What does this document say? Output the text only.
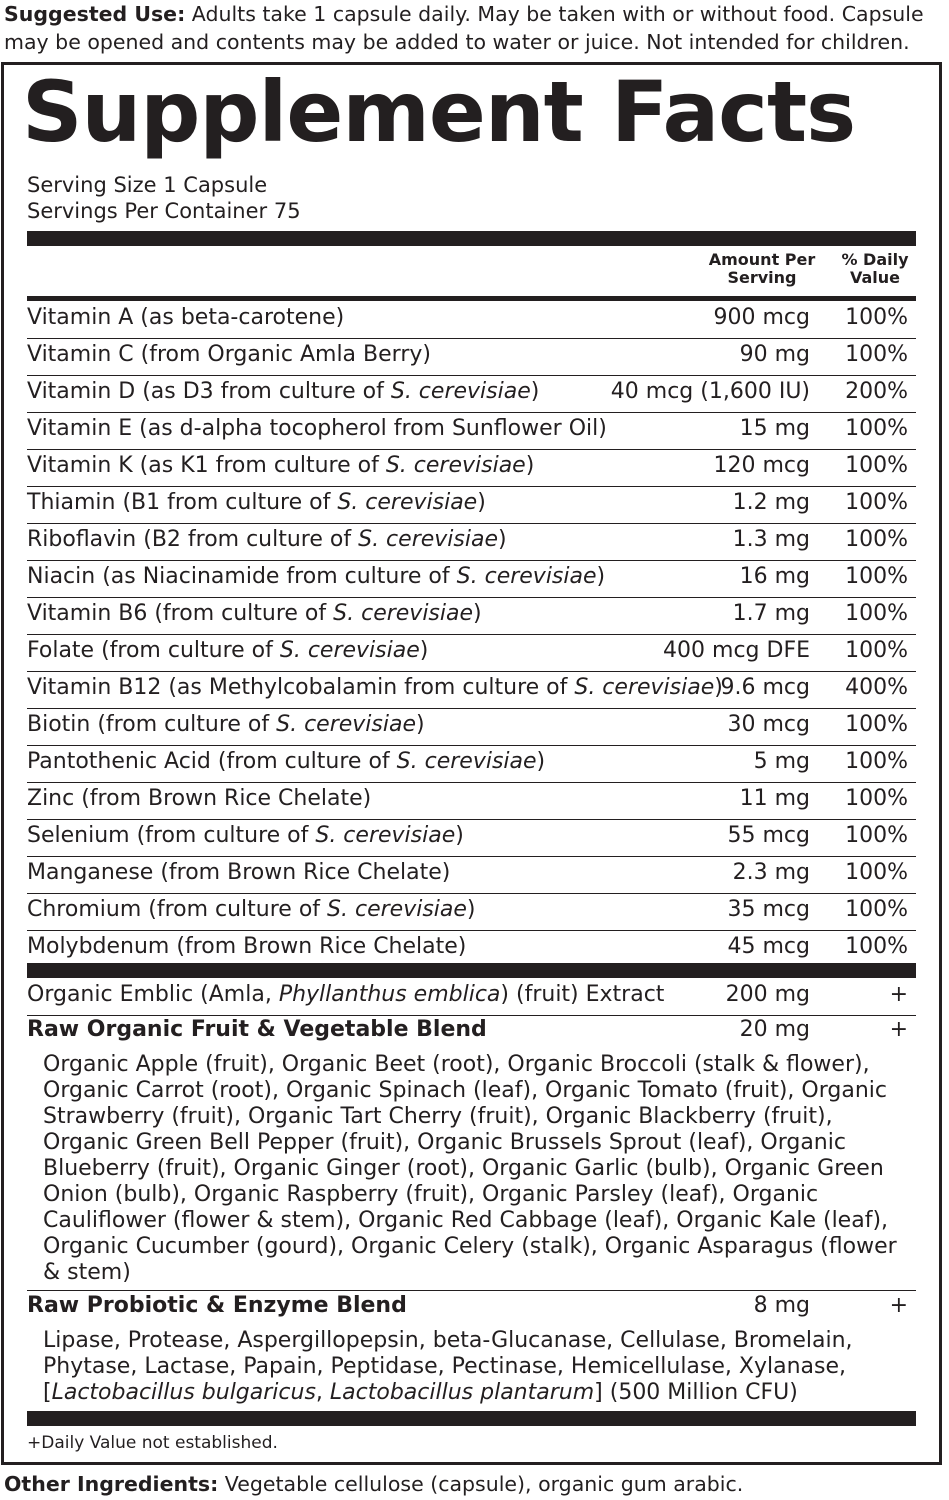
Suggested Use: Adults take 1 capsule daily. May be taken with or without food. Capsule may be opened and contents may be added to water or juice. Not intended for children.
Supplement Facts
Serving Size 1 Capsule
Servings Per Container 75
Amount Per
Serving
% Daily
Value
Vitamin A (as beta-carotene)	900 mcg 100%
Vitamin C (from Organic Amla Berry)	90 mg 100%
Vitamin D (as D3 from culture of S. cerevisiae)	40 mcg (1,600 IU) 200%
Vitamin E (as d-alpha tocopherol from Sunflower Oil)	15 mg 100%
Vitamin K (as K1 from culture of S. cerevisiae)	120 mcg 100%
Thiamin (B1 from culture of S. cerevisiae)	1.2 mg 100%
Riboflavin (B2 from culture of S. cerevisiae)	1.3 mg 100%
Niacin (as Niacinamide from culture of S. cerevisiae)	16 mg 100%
Vitamin B6 (from culture of S. cerevisiae)	1.7 mg 100%
Folate (from culture of S. cerevisiae)	400 mcg DFE 100%
Vitamin B12 (as Methylcobalamin from culture of S. cerevisiae)
9.6 mcg 400%
Biotin (from culture of S. cerevisiae)	30 mcg 100%
Pantothenic Acid (from culture of S. cerevisiae)	5 mg 100%
Zinc (from Brown Rice Chelate)	11 mg 100%
Selenium (from culture of S. cerevisiae)	55 mcg 100%
Manganese (from Brown Rice Chelate)	2.3 mg 100%
Chromium (from culture of S. cerevisiae)	35 mcg 100%
Molybdenum (from Brown Rice Chelate)	45 mcg 100%
Organic Emblic (Amla, Phyllanthus emblica) (fruit) Extract	200 mg	+
Raw Organic Fruit & Vegetable Blend	20 mg	+
Organic Apple (fruit), Organic Beet (root), Organic Broccoli (stalk & flower), Organic Carrot (root), Organic Spinach (leaf), Organic Tomato (fruit), Organic Strawberry (fruit), Organic Tart Cherry (fruit), Organic Blackberry (fruit), Organic Green Bell Pepper (fruit), Organic Brussels Sprout (leaf), Organic Blueberry (fruit), Organic Ginger (root), Organic Garlic (bulb), Organic Green Onion (bulb), Organic Raspberry (fruit), Organic Parsley (leaf), Organic Cauliflower (flower & stem), Organic Red Cabbage (leaf), Organic Kale (leaf), Organic Cucumber (gourd), Organic Celery (stalk), Organic Asparagus (flower & stem)
Raw Probiotic & Enzyme Blend	8 mg	+
Lipase, Protease, Aspergillopepsin, beta-Glucanase, Cellulase, Bromelain, Phytase, Lactase, Papain, Peptidase, Pectinase, Hemicellulase, Xylanase, [Lactobacillus bulgaricus, Lactobacillus plantarum] (500 Million CFU)
+Daily Value not established.
Other Ingredients: Vegetable cellulose (capsule), organic gum arabic.
